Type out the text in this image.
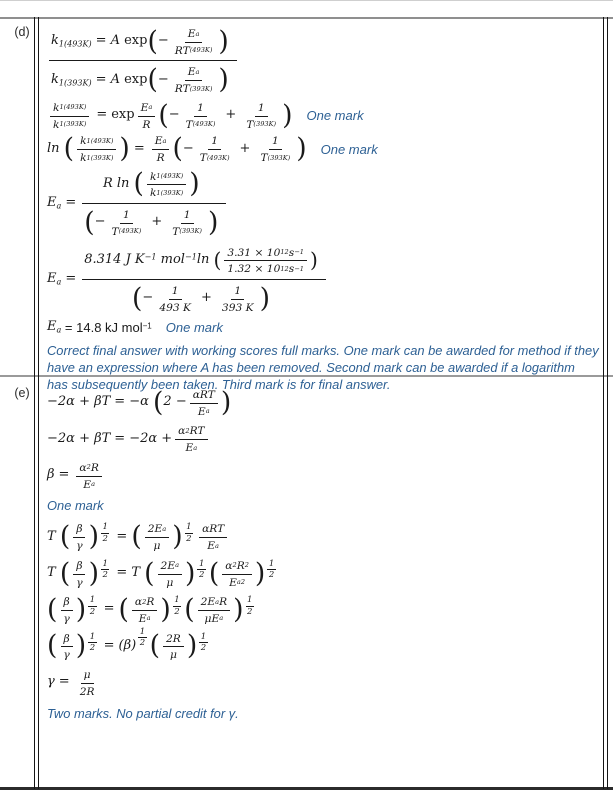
(d)
(e)
$k_{1(493K)} = A$ exp ( − $\frac{\text{E a}}{RT (493K)}$ )
$k_{1(393K)} = A$ exp ( − $\frac{\text{E a}}{RT (393K)}$ )
$\frac{k 1(493K)}{k 1(393K)} = \exp E$ a
R ( − $\frac{1}{T (493K)} + \frac{1}{T (393K)}$ ) One mark
ln ( k 1(493K)
k 1(393K) ) = $\frac{\text{E a}}{R}$ ( − $\frac{1}{T (493K)} + \frac{1}{T (393K)}$ ) One mark
$E_a = R$ ln ( k 1(493K)
k 1(393K) )
( − $\frac{1}{T (493K)} + \frac{1}{T (393K)}$ )
$E_a$ =
8.314 J $K^{-1}$ mol$^{-1}$ln ( 3.31 × 10 12 s −1
1.32 × 10 12 s −1 )
( − $\frac{1}{493 K} + \frac{1}{393 K}$ )
$E_a = 14.8$ kJ mol$^{-1}$ One mark
Correct final answer with working scores full marks. One mark can be awarded for method if they have an expression where A has been removed. Second mark can be awarded if a logarithm has subsequently been taken. Third mark is for final answer.
−2α + βT = −α ( 2 − αRT
E a )
$-2\alpha + \beta T = -2\alpha + \frac{\alpha 2 RT}{\text{E a}}$
$\beta = \frac{\alpha 2 R}{\text{E a}}$
One mark
T ( β
γ ) $\frac{1}{2}$ = ( 2E a
μ ) 1
2
αRT
E a
T ( β
γ ) $\frac{1}{2} = T$ ( 2E a
μ ) 1
2 ( α 2 R 2
E a 2 ) 1
2
( β
γ ) $\frac{1}{2}$ = ( α 2 R
E a ) 1
2 ( 2E a R
μE a ) 1
2
( β
γ ) $\frac{1}{2} = (\beta)$
1
2 ( 2R
μ ) 1
2
$\gamma = \frac{\mu}{2R}$
Two marks. No partial credit for γ.
